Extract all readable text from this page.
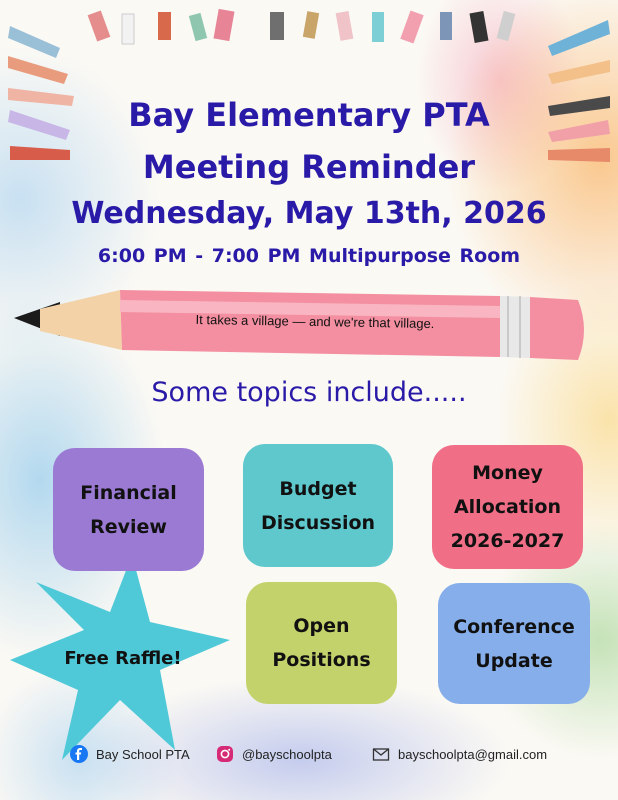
Bay Elementary PTA
Meeting Reminder
Wednesday, May 13th, 2026
6:00 PM - 7:00 PM Multipurpose Room
It takes a village — and we're that village.
Some topics include.....
Financial
Review
Budget
Discussion
Money
Allocation
2026-2027
Open
Positions
Conference
Update
Free Raffle!
Bay School PTA	@bayschoolpta	bayschoolpta@gmail.com
